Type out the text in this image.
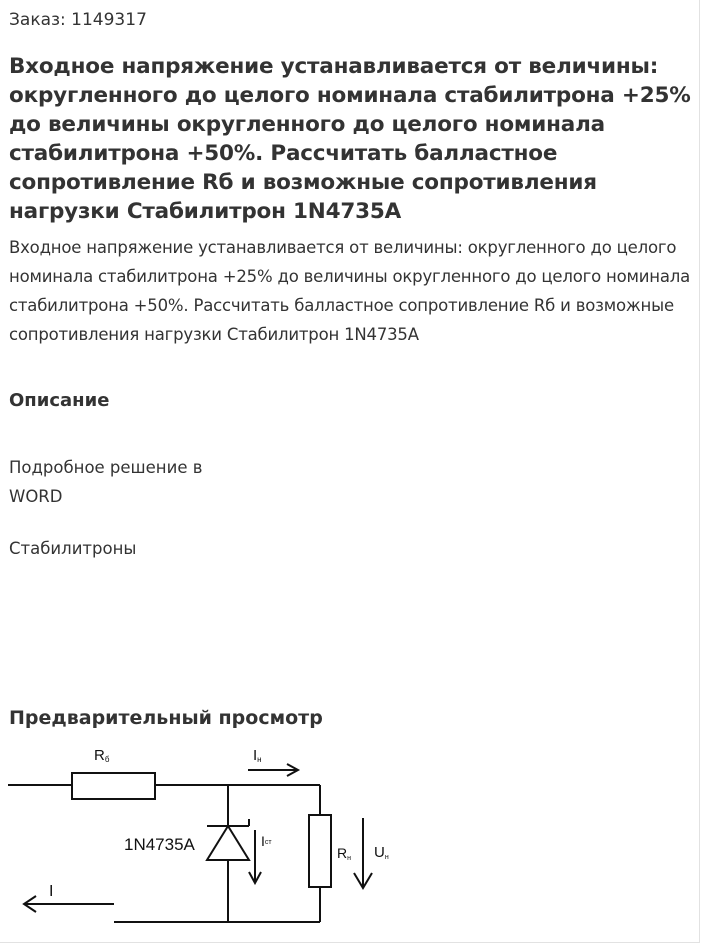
Заказ: 1149317
Входное напряжение устанавливается от величины: округленного до целого номинала стабилитрона +25% до величины округленного до целого номинала стабилитрона +50%. Рассчитать балластное сопротивление Rб и возможные сопротивления нагрузки Стабилитрон 1N4735A
Входное напряжение устанавливается от величины: округленного до целого номинала стабилитрона +25% до величины округленного до целого номинала стабилитрона +50%. Рассчитать балластное сопротивление Rб и возможные сопротивления нагрузки Стабилитрон 1N4735A
Описание
Подробное решение в
WORD
Стабилитроны
Предварительный просмотр
Rб	Iн
1N4735A	Iст
Rн Uн
I
